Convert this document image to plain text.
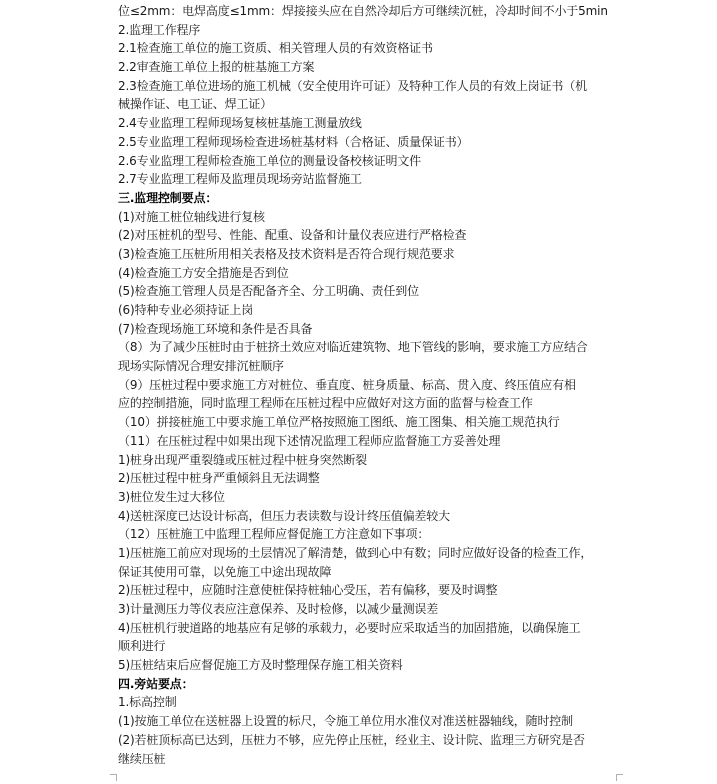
位≤2mm：电焊高度≤1mm：焊接接头应在自然冷却后方可继续沉桩，冷却时间不小于5min
2.监理工作程序
2.1检查施工单位的施工资质、相关管理人员的有效资格证书
2.2审查施工单位上报的桩基施工方案
2.3检查施工单位进场的施工机械（安全使用许可证）及特种工作人员的有效上岗证书（机
械操作证、电工证、焊工证）
2.4专业监理工程师现场复核桩基施工测量放线
2.5专业监理工程师现场检查进场桩基材料（合格证、质量保证书）
2.6专业监理工程师检查施工单位的测量设备校核证明文件
2.7专业监理工程师及监理员现场旁站监督施工
三.监理控制要点：
(1)对施工桩位轴线进行复核
(2)对压桩机的型号、性能、配重、设备和计量仪表应进行严格检查
(3)检查施工压桩所用相关表格及技术资料是否符合现行规范要求
(4)检查施工方安全措施是否到位
(5)检查施工管理人员是否配备齐全、分工明确、责任到位
(6)特种专业必须持证上岗
(7)检查现场施工环境和条件是否具备
（8）为了减少压桩时由于桩挤土效应对临近建筑物、地下管线的影响，要求施工方应结合
现场实际情况合理安排沉桩顺序
（9）压桩过程中要求施工方对桩位、垂直度、桩身质量、标高、贯入度、终压值应有相
应的控制措施，同时监理工程师在压桩过程中应做好对这方面的监督与检查工作
（10）拼接桩施工中要求施工单位严格按照施工图纸、施工图集、相关施工规范执行
（11）在压桩过程中如果出现下述情况监理工程师应监督施工方妥善处理
1)桩身出现严重裂缝或压桩过程中桩身突然断裂
2)压桩过程中桩身严重倾斜且无法调整
3)桩位发生过大移位
4)送桩深度已达设计标高，但压力表读数与设计终压值偏差较大
（12）压桩施工中监理工程师应督促施工方注意如下事项：
1)压桩施工前应对现场的土层情况了解清楚，做到心中有数；同时应做好设备的检查工作，
保证其使用可靠，以免施工中途出现故障
2)压桩过程中，应随时注意使桩保持桩轴心受压，若有偏移，要及时调整
3)计量测压力等仪表应注意保养、及时检修，以减少量测误差
4)压桩机行驶道路的地基应有足够的承载力，必要时应采取适当的加固措施，以确保施工
顺利进行
5)压桩结束后应督促施工方及时整理保存施工相关资料
四.旁站要点：
1.标高控制
(1)按施工单位在送桩器上设置的标尺，令施工单位用水准仪对准送桩器轴线，随时控制
(2)若桩顶标高已达到，压桩力不够，应先停止压桩，经业主、设计院、监理三方研究是否
继续压桩
